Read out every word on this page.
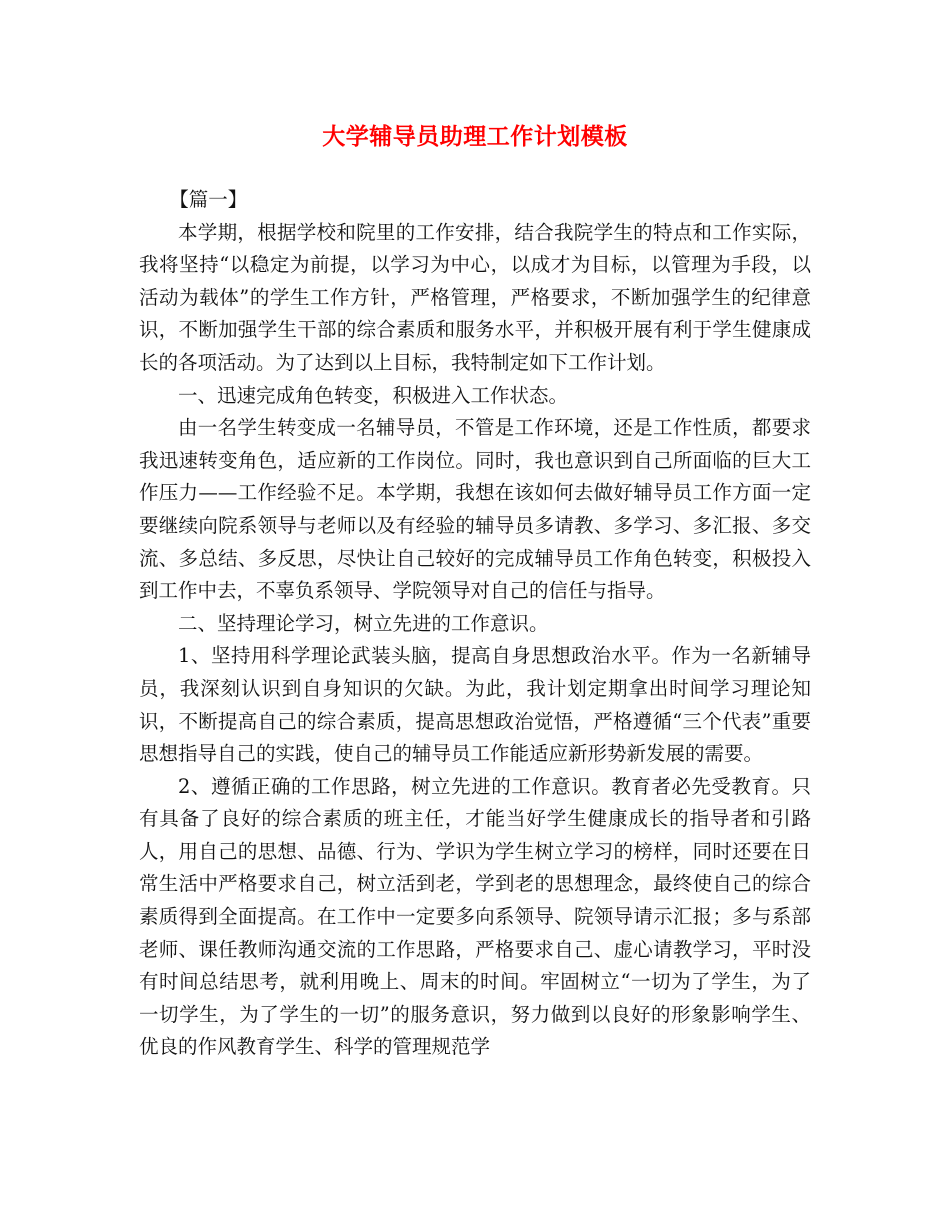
大学辅导员助理工作计划模板

【篇一】

本学期，根据学校和院里的工作安排，结合我院学生的特点和工作实际，我将坚持“以稳定为前提，以学习为中心，以成才为目标，以管理为手段，以活动为载体”的学生工作方针，严格管理，严格要求，不断加强学生的纪律意识，不断加强学生干部的综合素质和服务水平，并积极开展有利于学生健康成长的各项活动。为了达到以上目标，我特制定如下工作计划。

一、迅速完成角色转变，积极进入工作状态。

由一名学生转变成一名辅导员，不管是工作环境，还是工作性质，都要求我迅速转变角色，适应新的工作岗位。同时，我也意识到自己所面临的巨大工作压力——工作经验不足。本学期，我想在该如何去做好辅导员工作方面一定要继续向院系领导与老师以及有经验的辅导员多请教、多学习、多汇报、多交流、多总结、多反思，尽快让自己较好的完成辅导员工作角色转变，积极投入到工作中去，不辜负系领导、学院领导对自己的信任与指导。

二、坚持理论学习，树立先进的工作意识。

1、坚持用科学理论武装头脑，提高自身思想政治水平。作为一名新辅导员，我深刻认识到自身知识的欠缺。为此，我计划定期拿出时间学习理论知识，不断提高自己的综合素质，提高思想政治觉悟，严格遵循“三个代表”重要思想指导自己的实践，使自己的辅导员工作能适应新形势新发展的需要。

2、遵循正确的工作思路，树立先进的工作意识。教育者必先受教育。只有具备了良好的综合素质的班主任，才能当好学生健康成长的指导者和引路人，用自己的思想、品德、行为、学识为学生树立学习的榜样，同时还要在日常生活中严格要求自己，树立活到老，学到老的思想理念，最终使自己的综合素质得到全面提高。在工作中一定要多向系领导、院领导请示汇报；多与系部老师、课任教师沟通交流的工作思路，严格要求自己、虚心请教学习，平时没有时间总结思考，就利用晚上、周末的时间。牢固树立“一切为了学生，为了一切学生，为了学生的一切”的服务意识，努力做到以良好的形象影响学生、优良的作风教育学生、科学的管理规范学
